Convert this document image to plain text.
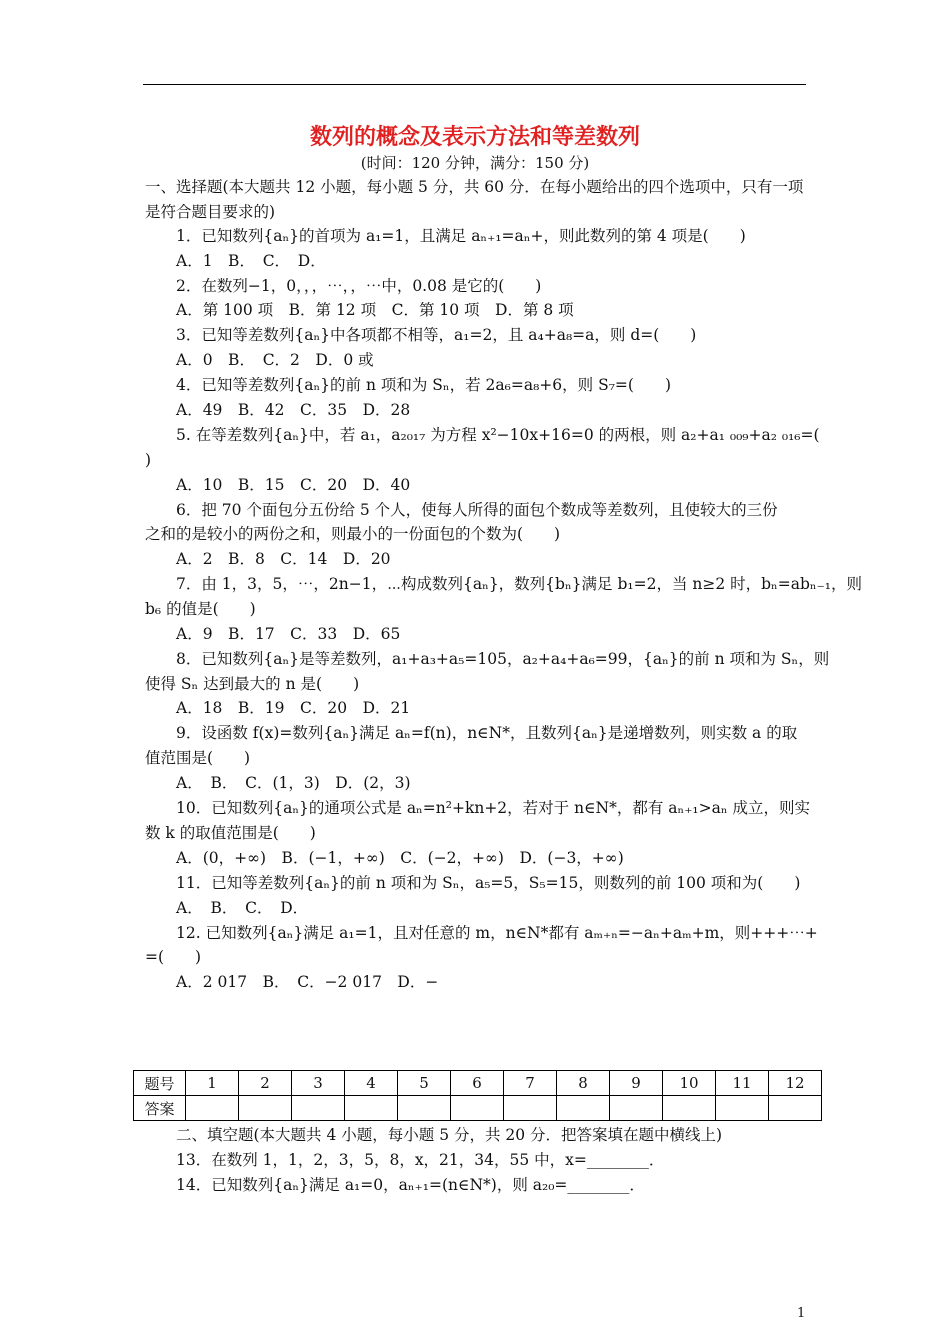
数列的概念及表示方法和等差数列
(时间：120 分钟，满分：150 分)
一、选择题(本大题共 12 小题，每小题 5 分，共 60 分．在每小题给出的四个选项中，只有一项
是符合题目要求的)
1．已知数列{aₙ}的首项为 a₁=1，且满足 aₙ₊₁=aₙ+，则此数列的第 4 项是(　　)
A．1　B．　C．　D．
2．在数列−1，0，，，⋯，，⋯中，0.08 是它的(　　)
A．第 100 项　B．第 12 项　C．第 10 项　D．第 8 项
3．已知等差数列{aₙ}中各项都不相等，a₁=2，且 a₄+a₈=a，则 d=(　　)
A．0　B．　C．2　D．0 或
4．已知等差数列{aₙ}的前 n 项和为 Sₙ，若 2a₆=a₈+6，则 S₇=(　　)
A．49　B．42　C．35　D．28
5. 在等差数列{aₙ}中，若 a₁，a₂₀₁₇ 为方程 x²−10x+16=0 的两根，则 a₂+a₁ ₀₀₉+a₂ ₀₁₆=(
)
A．10　B．15　C．20　D．40
6．把 70 个面包分五份给 5 个人，使每人所得的面包个数成等差数列，且使较大的三份
之和的是较小的两份之和，则最小的一份面包的个数为(　　)
A．2　B．8　C．14　D．20
7．由 1，3，5，⋯，2n−1，⋯构成数列{aₙ}，数列{bₙ}满足 b₁=2，当 n≥2 时，bₙ=abₙ₋₁，则
b₆ 的值是(　　)
A．9　B．17　C．33　D．65
8．已知数列{aₙ}是等差数列，a₁+a₃+a₅=105，a₂+a₄+a₆=99，{aₙ}的前 n 项和为 Sₙ，则
使得 Sₙ 达到最大的 n 是(　　)
A．18　B．19　C．20　D．21
9．设函数 f(x)=数列{aₙ}满足 aₙ=f(n)，n∈N*，且数列{aₙ}是递增数列，则实数 a 的取
值范围是(　　)
A．　B．　C．(1，3)　D．(2，3)
10．已知数列{aₙ}的通项公式是 aₙ=n²+kn+2，若对于 n∈N*，都有 aₙ₊₁>aₙ 成立，则实
数 k 的取值范围是(　　)
A．(0，+∞)　B．(−1，+∞)　C．(−2，+∞)　D．(−3，+∞)
11．已知等差数列{aₙ}的前 n 项和为 Sₙ，a₅=5，S₅=15，则数列的前 100 项和为(　　)
A．　B．　C．　D．
12. 已知数列{aₙ}满足 a₁=1，且对任意的 m，n∈N*都有 aₘ₊ₙ=−aₙ+aₘ+m，则+++⋯+
=(　　)
A．2 017　B．　C．−2 017　D．−
题号	1	2	3	4	5	6	7	8	9	10	11	12
答案												
二、填空题(本大题共 4 小题，每小题 5 分，共 20 分．把答案填在题中横线上)
13．在数列 1，1，2，3，5，8，x，21，34，55 中，x=________．
14．已知数列{aₙ}满足 a₁=0，aₙ₊₁=(n∈N*)，则 a₂₀=________．
1
